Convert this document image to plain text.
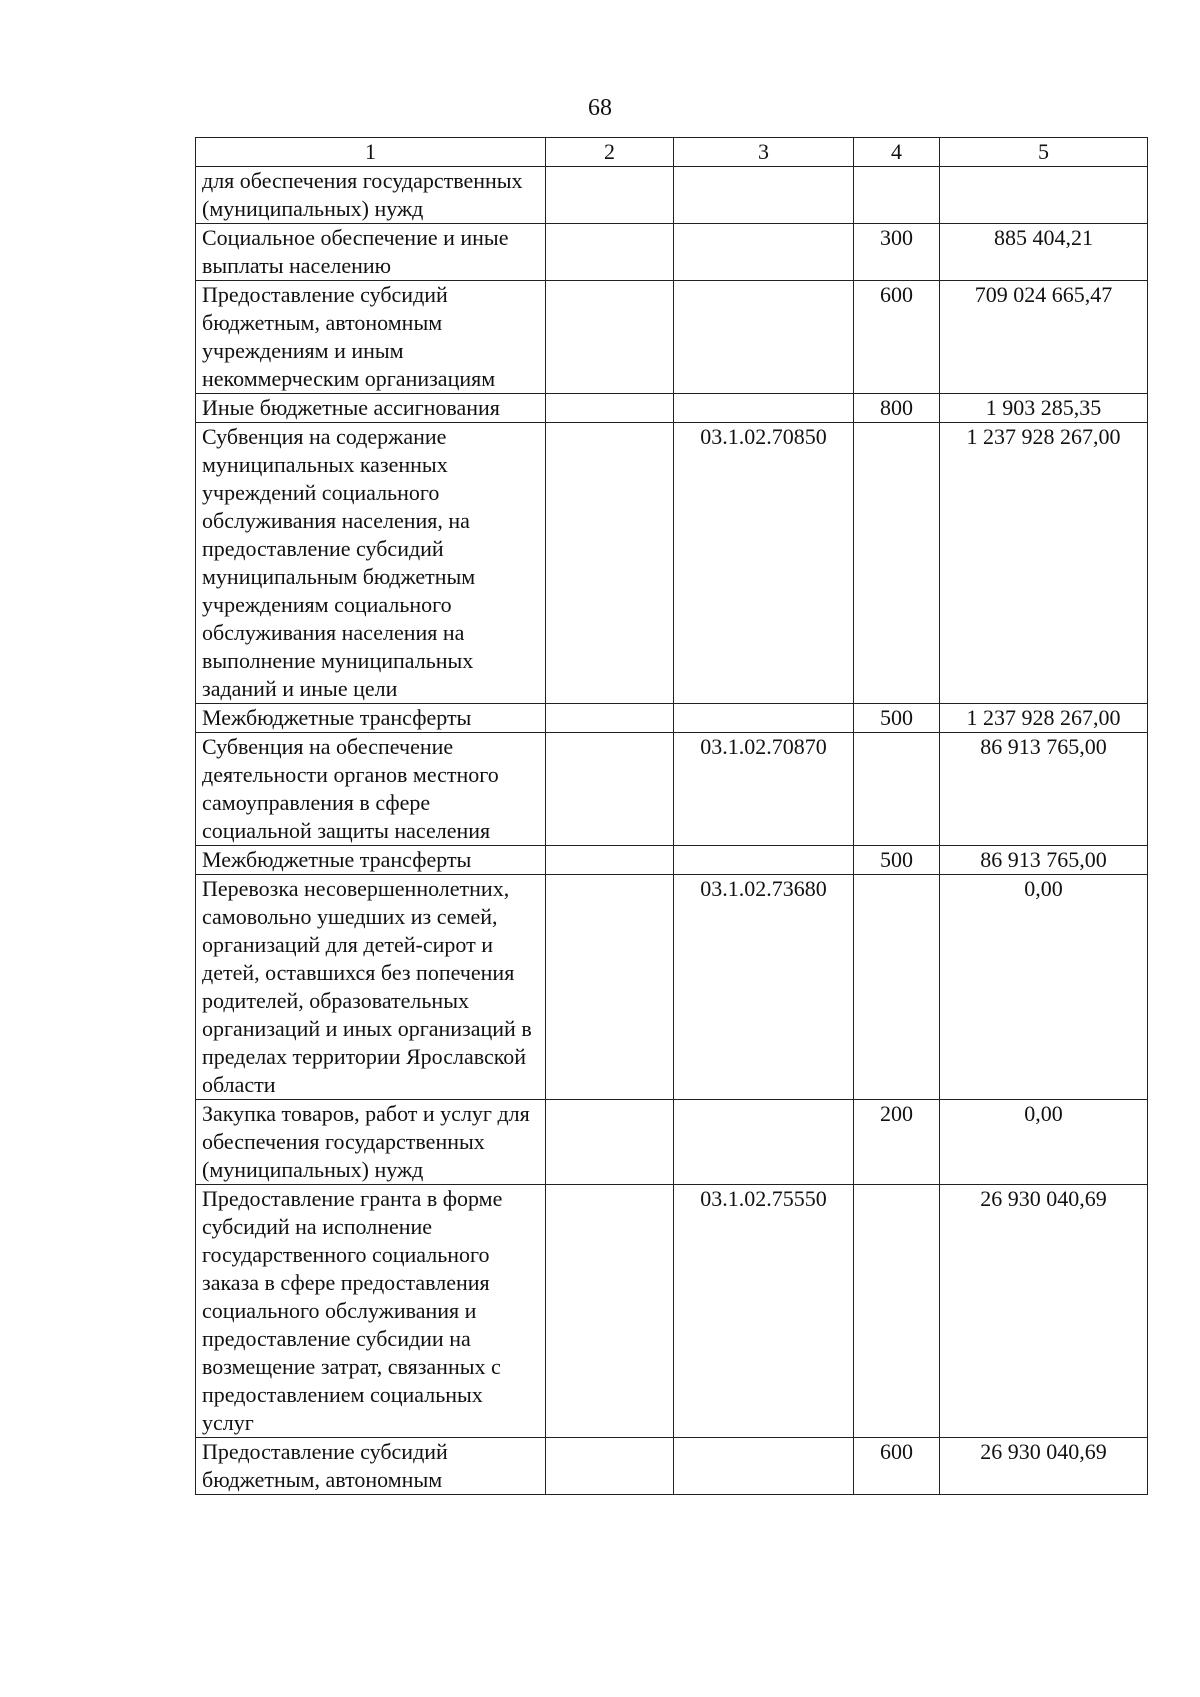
68
1	2	3	4	5
для обеспечения государственных (муниципальных) нужд				
Социальное обеспечение и иные выплаты населению			300	885 404,21
Предоставление субсидий бюджетным, автономным учреждениям и иным некоммерческим организациям			600	709 024 665,47
Иные бюджетные ассигнования			800	1 903 285,35
Субвенция на содержание муниципальных казенных учреждений социального обслуживания населения, на предоставление субсидий муниципальным бюджетным учреждениям социального обслуживания населения на выполнение муниципальных заданий и иные цели		03.1.02.70850		1 237 928 267,00
Межбюджетные трансферты			500	1 237 928 267,00
Субвенция на обеспечение деятельности органов местного самоуправления в сфере социальной защиты населения		03.1.02.70870		86 913 765,00
Межбюджетные трансферты			500	86 913 765,00
Перевозка несовершеннолетних, самовольно ушедших из семей, организаций для детей-сирот и детей, оставшихся без попечения родителей, образовательных организаций и иных организаций в пределах территории Ярославской области		03.1.02.73680		0,00
Закупка товаров, работ и услуг для обеспечения государственных (муниципальных) нужд			200	0,00
Предоставление гранта в форме субсидий на исполнение государственного социального заказа в сфере предоставления социального обслуживания и предоставление субсидии на возмещение затрат, связанных с предоставлением социальных услуг		03.1.02.75550		26 930 040,69
Предоставление субсидий бюджетным, автономным			600	26 930 040,69
